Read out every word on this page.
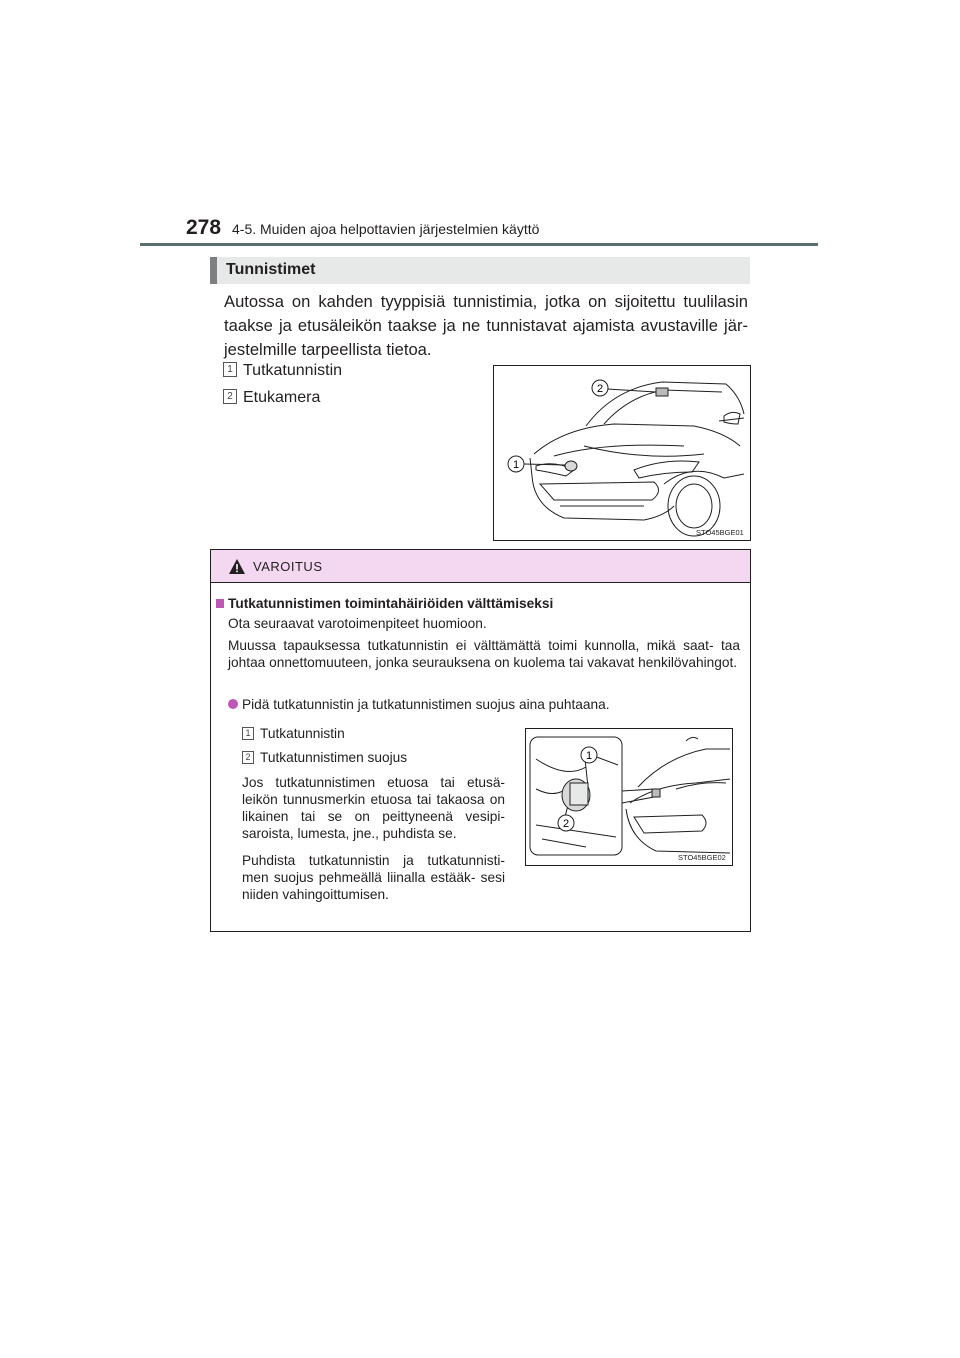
278 4-5. Muiden ajoa helpottavien järjestelmien käyttö
Tunnistimet
Autossa on kahden tyyppisiä tunnistimia, jotka on sijoitettu tuulilasin taakse ja etusäleikön taakse ja ne tunnistavat ajamista avustaville jär- jestelmille tarpeellista tietoa.
1 Tutkatunnistin
2 Etukamera
1
2
STO45BGE01
VAROITUS
Tutkatunnistimen toimintahäiriöiden välttämiseksi
Ota seuraavat varotoimenpiteet huomioon.
Muussa tapauksessa tutkatunnistin ei välttämättä toimi kunnolla, mikä saat- taa johtaa onnettomuuteen, jonka seurauksena on kuolema tai vakavat henkilövahingot.
Pidä tutkatunnistin ja tutkatunnistimen suojus aina puhtaana.
1 Tutkatunnistin
2 Tutkatunnistimen suojus
Jos tutkatunnistimen etuosa tai etusä- leikön tunnusmerkin etuosa tai takaosa on likainen tai se on peittyneenä vesipi- saroista, lumesta, jne., puhdista se.
Puhdista tutkatunnistin ja tutkatunnisti- men suojus pehmeällä liinalla estääk- sesi niiden vahingoittumisen.
1
2
STO45BGE02
